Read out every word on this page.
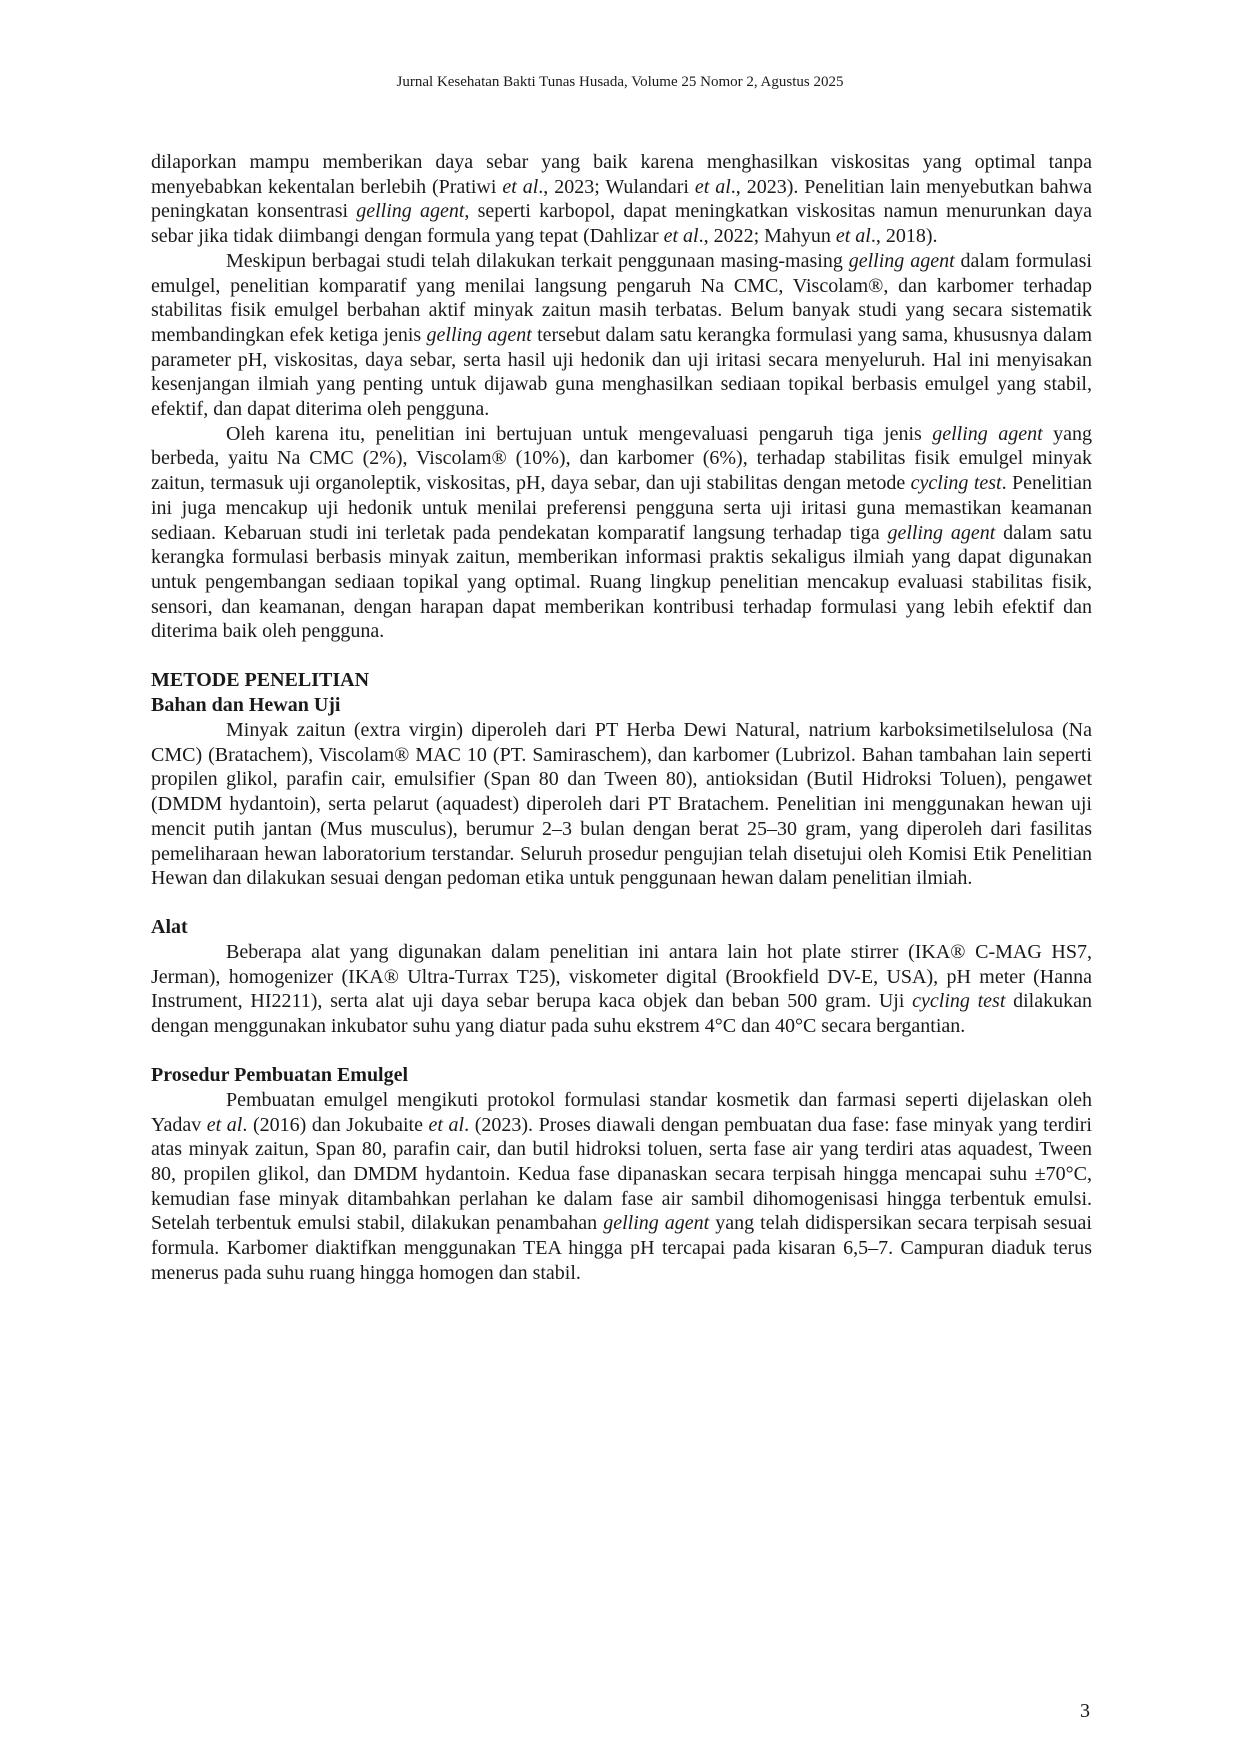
Jurnal Kesehatan Bakti Tunas Husada, Volume 25 Nomor 2, Agustus 2025

dilaporkan mampu memberikan daya sebar yang baik karena menghasilkan viskositas yang optimal tanpa menyebabkan kekentalan berlebih (Pratiwi et al., 2023; Wulandari et al., 2023). Penelitian lain menyebutkan bahwa peningkatan konsentrasi gelling agent, seperti karbopol, dapat meningkatkan viskositas namun menurunkan daya sebar jika tidak diimbangi dengan formula yang tepat (Dahlizar et al., 2022; Mahyun et al., 2018).

Meskipun berbagai studi telah dilakukan terkait penggunaan masing-masing gelling agent dalam formulasi emulgel, penelitian komparatif yang menilai langsung pengaruh Na CMC, Viscolam®, dan karbomer terhadap stabilitas fisik emulgel berbahan aktif minyak zaitun masih terbatas. Belum banyak studi yang secara sistematik membandingkan efek ketiga jenis gelling agent tersebut dalam satu kerangka formulasi yang sama, khususnya dalam parameter pH, viskositas, daya sebar, serta hasil uji hedonik dan uji iritasi secara menyeluruh. Hal ini menyisakan kesenjangan ilmiah yang penting untuk dijawab guna menghasilkan sediaan topikal berbasis emulgel yang stabil, efektif, dan dapat diterima oleh pengguna.

Oleh karena itu, penelitian ini bertujuan untuk mengevaluasi pengaruh tiga jenis gelling agent yang berbeda, yaitu Na CMC (2%), Viscolam® (10%), dan karbomer (6%), terhadap stabilitas fisik emulgel minyak zaitun, termasuk uji organoleptik, viskositas, pH, daya sebar, dan uji stabilitas dengan metode cycling test. Penelitian ini juga mencakup uji hedonik untuk menilai preferensi pengguna serta uji iritasi guna memastikan keamanan sediaan. Kebaruan studi ini terletak pada pendekatan komparatif langsung terhadap tiga gelling agent dalam satu kerangka formulasi berbasis minyak zaitun, memberikan informasi praktis sekaligus ilmiah yang dapat digunakan untuk pengembangan sediaan topikal yang optimal. Ruang lingkup penelitian mencakup evaluasi stabilitas fisik, sensori, dan keamanan, dengan harapan dapat memberikan kontribusi terhadap formulasi yang lebih efektif dan diterima baik oleh pengguna.

METODE PENELITIAN
Bahan dan Hewan Uji

Minyak zaitun (extra virgin) diperoleh dari PT Herba Dewi Natural, natrium karboksimetilselulosa (Na CMC) (Bratachem), Viscolam® MAC 10 (PT. Samiraschem), dan karbomer (Lubrizol. Bahan tambahan lain seperti propilen glikol, parafin cair, emulsifier (Span 80 dan Tween 80), antioksidan (Butil Hidroksi Toluen), pengawet (DMDM hydantoin), serta pelarut (aquadest) diperoleh dari PT Bratachem. Penelitian ini menggunakan hewan uji mencit putih jantan (Mus musculus), berumur 2–3 bulan dengan berat 25–30 gram, yang diperoleh dari fasilitas pemeliharaan hewan laboratorium terstandar. Seluruh prosedur pengujian telah disetujui oleh Komisi Etik Penelitian Hewan dan dilakukan sesuai dengan pedoman etika untuk penggunaan hewan dalam penelitian ilmiah.

Alat

Beberapa alat yang digunakan dalam penelitian ini antara lain hot plate stirrer (IKA® C-MAG HS7, Jerman), homogenizer (IKA® Ultra-Turrax T25), viskometer digital (Brookfield DV-E, USA), pH meter (Hanna Instrument, HI2211), serta alat uji daya sebar berupa kaca objek dan beban 500 gram. Uji cycling test dilakukan dengan menggunakan inkubator suhu yang diatur pada suhu ekstrem 4°C dan 40°C secara bergantian.

Prosedur Pembuatan Emulgel

Pembuatan emulgel mengikuti protokol formulasi standar kosmetik dan farmasi seperti dijelaskan oleh Yadav et al. (2016) dan Jokubaite et al. (2023). Proses diawali dengan pembuatan dua fase: fase minyak yang terdiri atas minyak zaitun, Span 80, parafin cair, dan butil hidroksi toluen, serta fase air yang terdiri atas aquadest, Tween 80, propilen glikol, dan DMDM hydantoin. Kedua fase dipanaskan secara terpisah hingga mencapai suhu ±70°C, kemudian fase minyak ditambahkan perlahan ke dalam fase air sambil dihomogenisasi hingga terbentuk emulsi. Setelah terbentuk emulsi stabil, dilakukan penambahan gelling agent yang telah didispersikan secara terpisah sesuai formula. Karbomer diaktifkan menggunakan TEA hingga pH tercapai pada kisaran 6,5–7. Campuran diaduk terus menerus pada suhu ruang hingga homogen dan stabil.

3
